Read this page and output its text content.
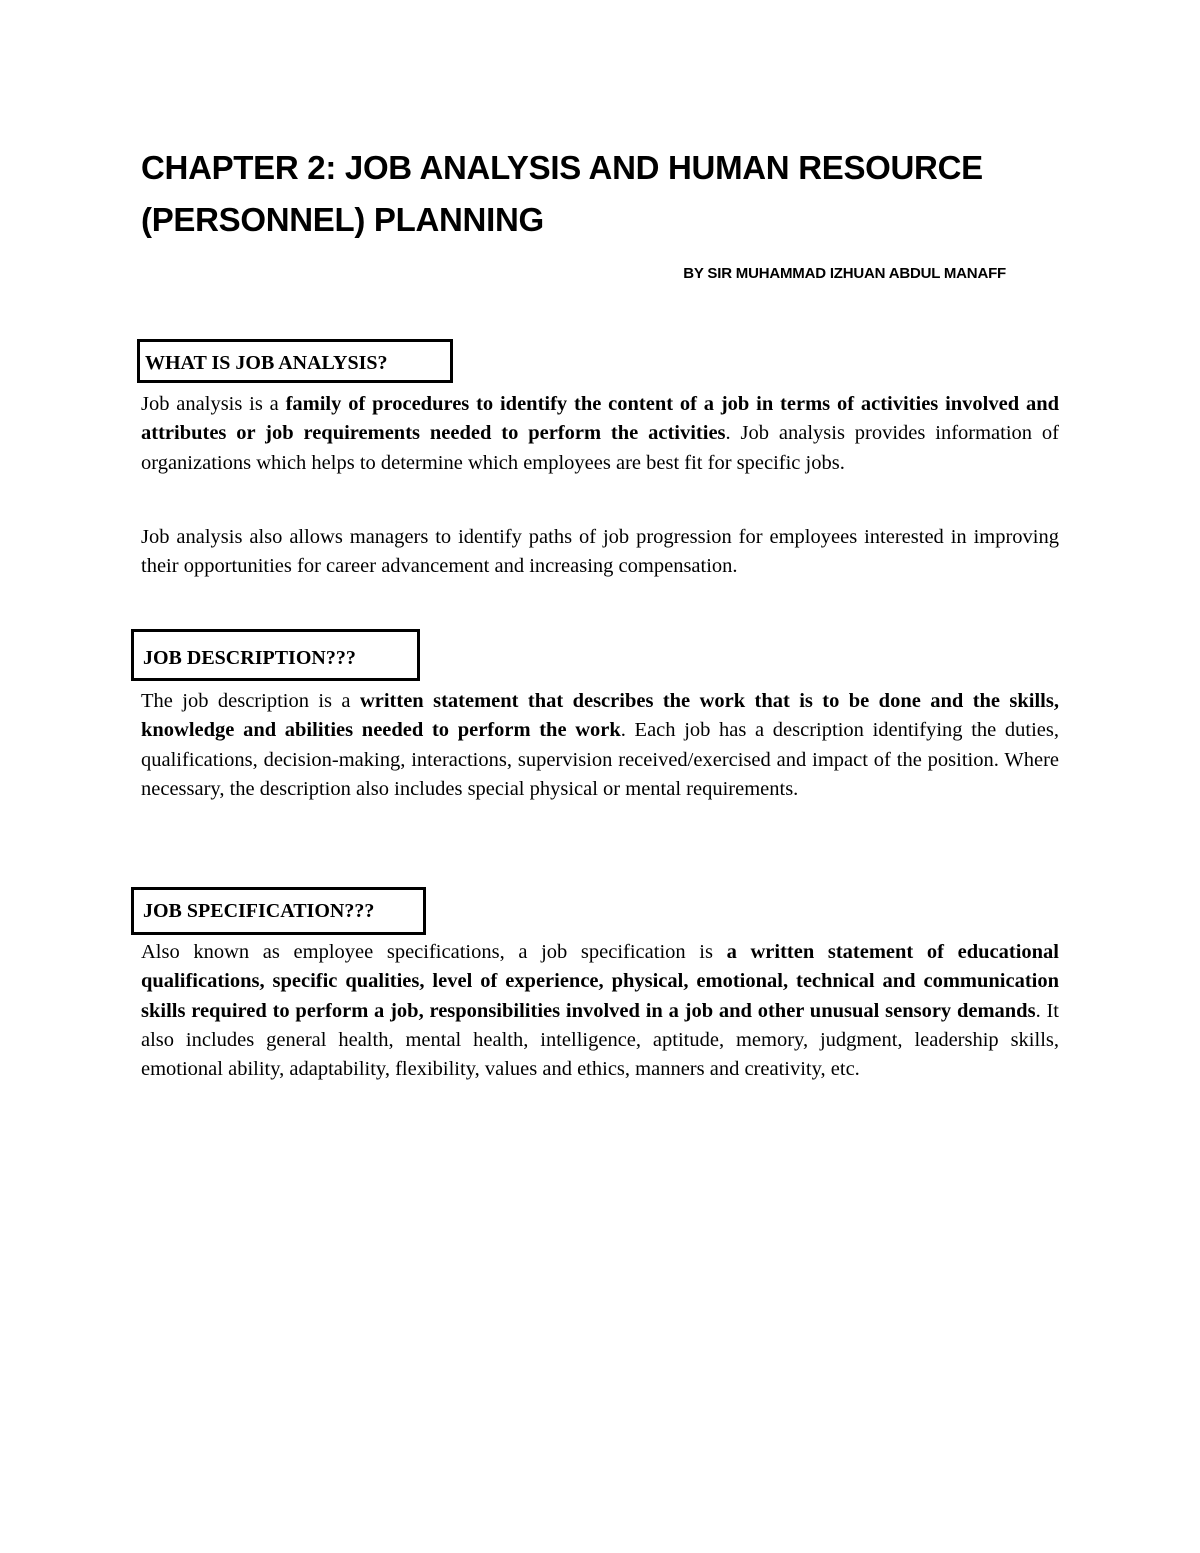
CHAPTER 2: JOB ANALYSIS AND HUMAN RESOURCE (PERSONNEL) PLANNING
BY SIR MUHAMMAD IZHUAN ABDUL MANAFF
WHAT IS JOB ANALYSIS?

Job analysis is a family of procedures to identify the content of a job in terms of activities involved and attributes or job requirements needed to perform the activities. Job analysis provides information of organizations which helps to determine which employees are best fit for specific jobs.

Job analysis also allows managers to identify paths of job progression for employees interested in improving their opportunities for career advancement and increasing compensation.

JOB DESCRIPTION???

The job description is a written statement that describes the work that is to be done and the skills, knowledge and abilities needed to perform the work. Each job has a description identifying the duties, qualifications, decision-making, interactions, supervision received/exercised and impact of the position. Where necessary, the description also includes special physical or mental requirements.

JOB SPECIFICATION???

Also known as employee specifications, a job specification is a written statement of educational qualifications, specific qualities, level of experience, physical, emotional, technical and communication skills required to perform a job, responsibilities involved in a job and other unusual sensory demands. It also includes general health, mental health, intelligence, aptitude, memory, judgment, leadership skills, emotional ability, adaptability, flexibility, values and ethics, manners and creativity, etc.
